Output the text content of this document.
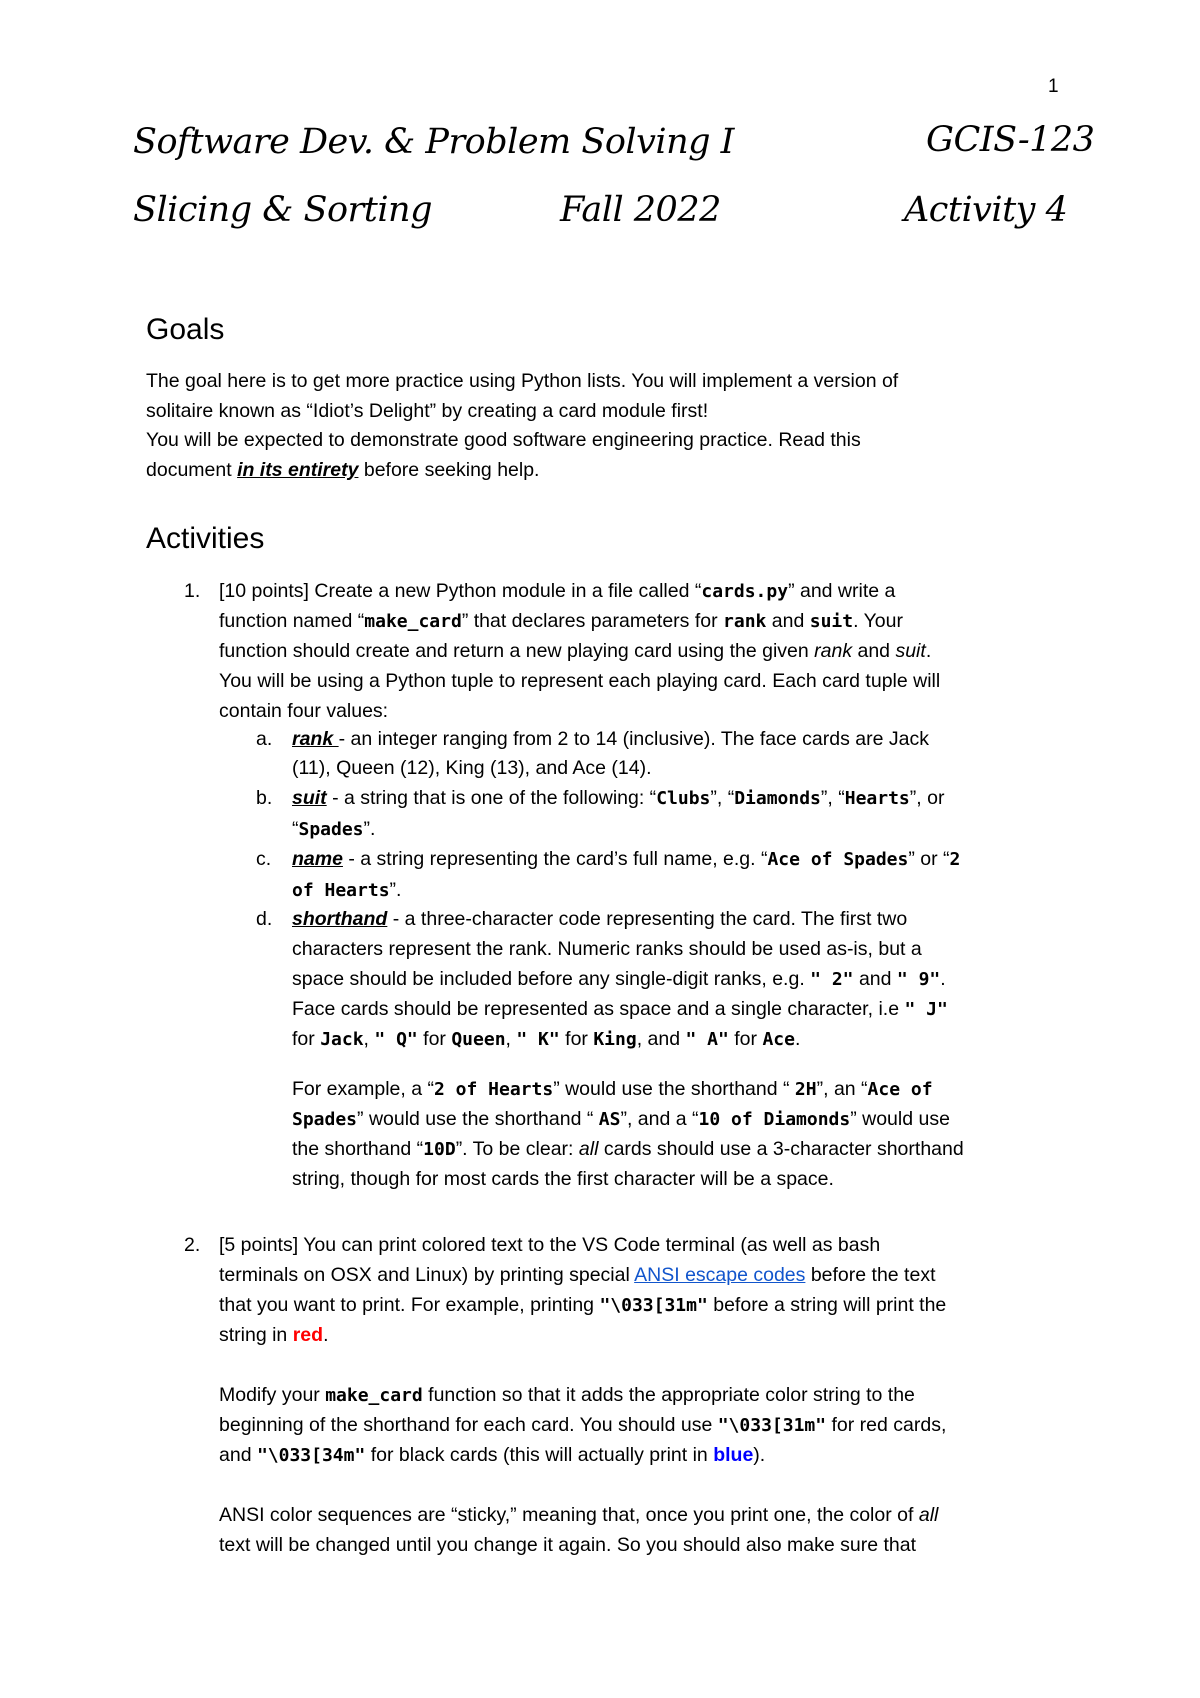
1
Software Dev. & Problem Solving I	GCIS-123
Slicing & Sorting	Fall 2022	Activity 4
Goals
The goal here is to get more practice using Python lists. You will implement a version of
solitaire known as “Idiot’s Delight” by creating a card module first!
You will be expected to demonstrate good software engineering practice. Read this
document in its entirety before seeking help.
Activities
1. [10 points] Create a new Python module in a file called “cards.py” and write a
function named “make_card” that declares parameters for rank and suit. Your
function should create and return a new playing card using the given rank and suit.
You will be using a Python tuple to represent each playing card. Each card tuple will
contain four values:
a. rank - an integer ranging from 2 to 14 (inclusive). The face cards are Jack
(11), Queen (12), King (13), and Ace (14).
b. suit - a string that is one of the following: “Clubs”, “Diamonds”, “Hearts”, or
“Spades”.
c. name - a string representing the card’s full name, e.g. “Ace of Spades” or “2
of Hearts”.
d. shorthand - a three-character code representing the card. The first two
characters represent the rank. Numeric ranks should be used as-is, but a
space should be included before any single-digit ranks, e.g. " 2" and " 9".
Face cards should be represented as space and a single character, i.e " J"
for Jack, " Q" for Queen, " K" for King, and " A" for Ace.
For example, a “2 of Hearts” would use the shorthand “ 2H”, an “Ace of
Spades” would use the shorthand “ AS”, and a “10 of Diamonds” would use
the shorthand “10D”. To be clear: all cards should use a 3-character shorthand
string, though for most cards the first character will be a space.
2. [5 points] You can print colored text to the VS Code terminal (as well as bash
terminals on OSX and Linux) by printing special ANSI escape codes before the text
that you want to print. For example, printing "\033[31m" before a string will print the
string in red.
Modify your make_card function so that it adds the appropriate color string to the
beginning of the shorthand for each card. You should use "\033[31m" for red cards,
and "\033[34m" for black cards (this will actually print in blue).
ANSI color sequences are “sticky,” meaning that, once you print one, the color of all
text will be changed until you change it again. So you should also make sure that
